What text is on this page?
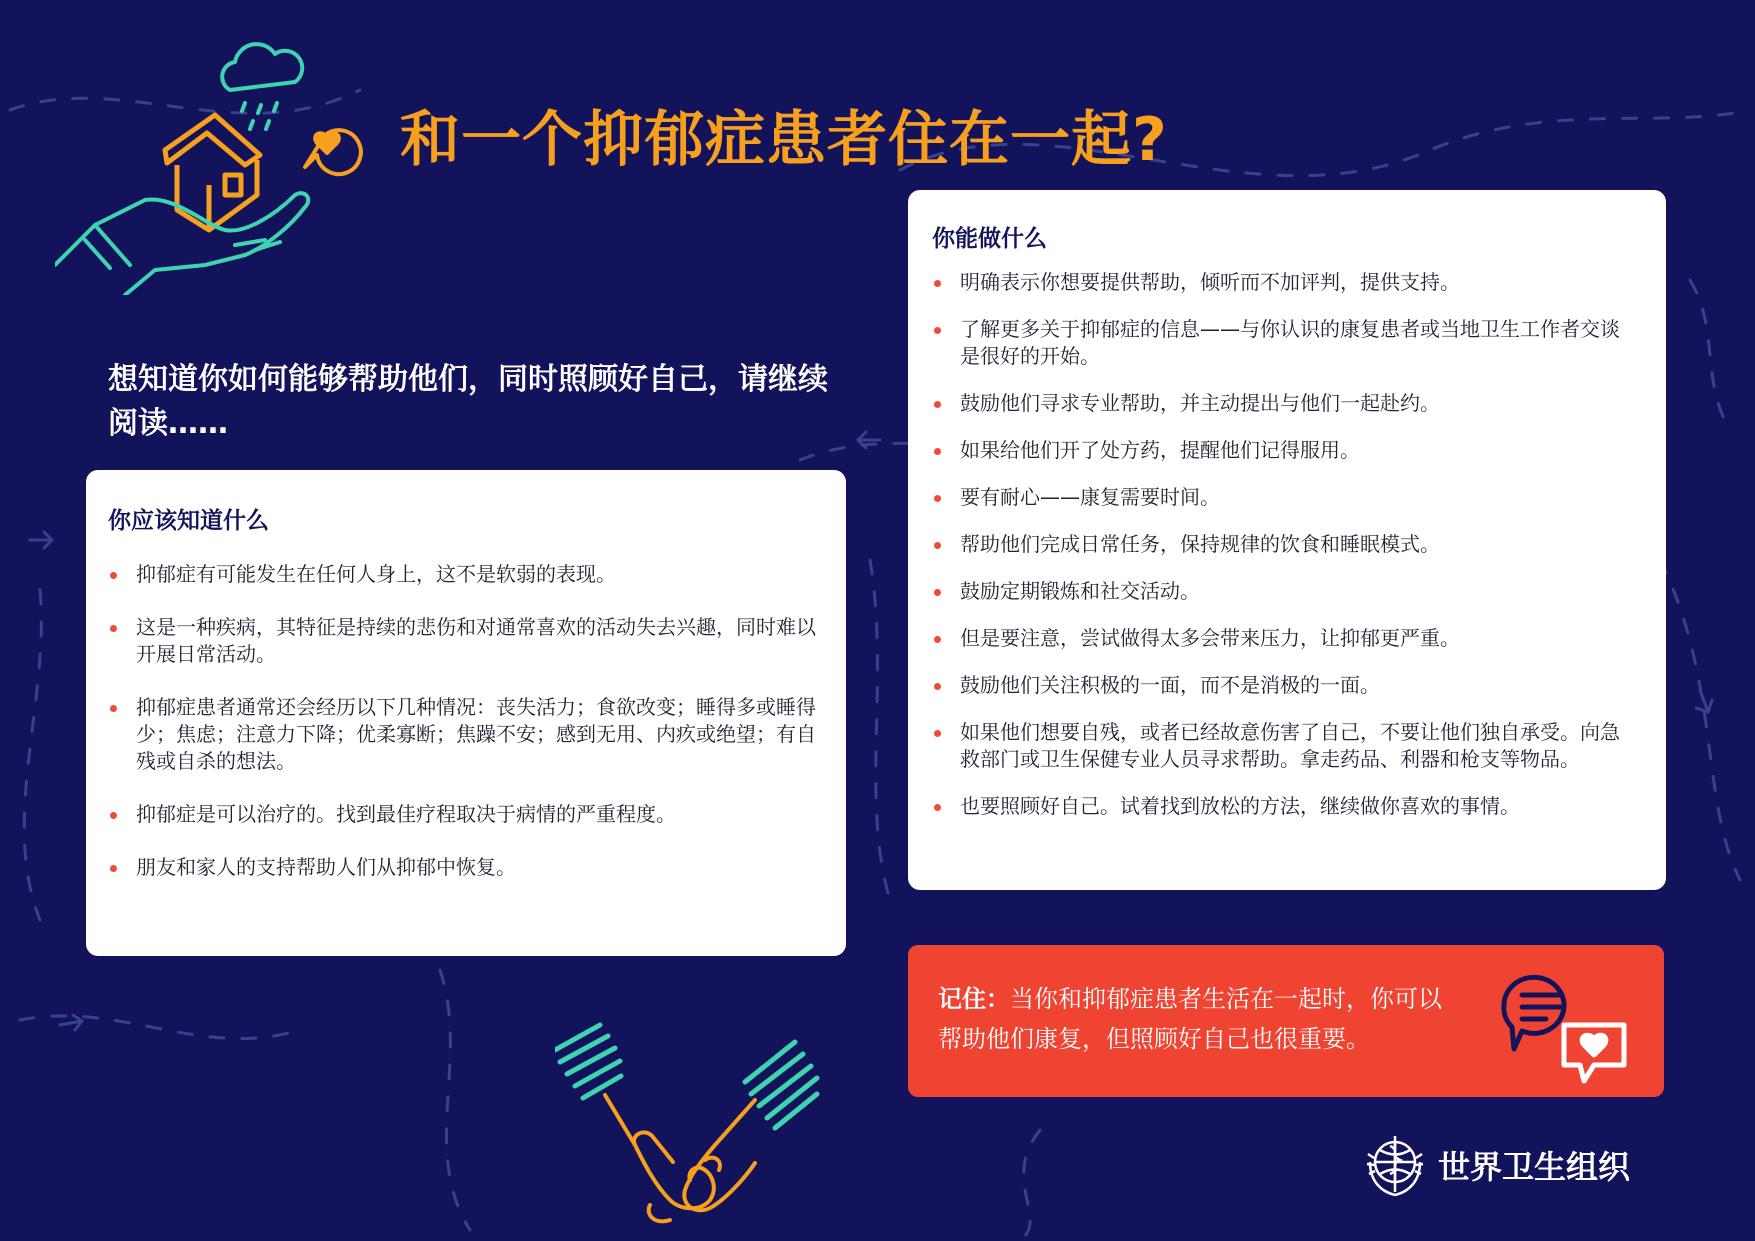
和一个抑郁症患者住在一起?

想知道你如何能够帮助他们，同时照顾好自己，请继续阅读……

你应该知道什么
抑郁症有可能发生在任何人身上，这不是软弱的表现。
这是一种疾病，其特征是持续的悲伤和对通常喜欢的活动失去兴趣，同时难以开展日常活动。
抑郁症患者通常还会经历以下几种情况：丧失活力；食欲改变；睡得多或睡得少；焦虑；注意力下降；优柔寡断；焦躁不安；感到无用、内疚或绝望；有自残或自杀的想法。
抑郁症是可以治疗的。找到最佳疗程取决于病情的严重程度。
朋友和家人的支持帮助人们从抑郁中恢复。
你能做什么
明确表示你想要提供帮助，倾听而不加评判，提供支持。
了解更多关于抑郁症的信息——与你认识的康复患者或当地卫生工作者交谈是很好的开始。
鼓励他们寻求专业帮助，并主动提出与他们一起赴约。
如果给他们开了处方药，提醒他们记得服用。
要有耐心——康复需要时间。
帮助他们完成日常任务，保持规律的饮食和睡眠模式。
鼓励定期锻炼和社交活动。
但是要注意，尝试做得太多会带来压力，让抑郁更严重。
鼓励他们关注积极的一面，而不是消极的一面。
如果他们想要自残，或者已经故意伤害了自己，不要让他们独自承受。向急救部门或卫生保健专业人员寻求帮助。拿走药品、利器和枪支等物品。
也要照顾好自己。试着找到放松的方法，继续做你喜欢的事情。
记住：当你和抑郁症患者生活在一起时，你可以帮助他们康复，但照顾好自己也很重要。
世界卫生组织
